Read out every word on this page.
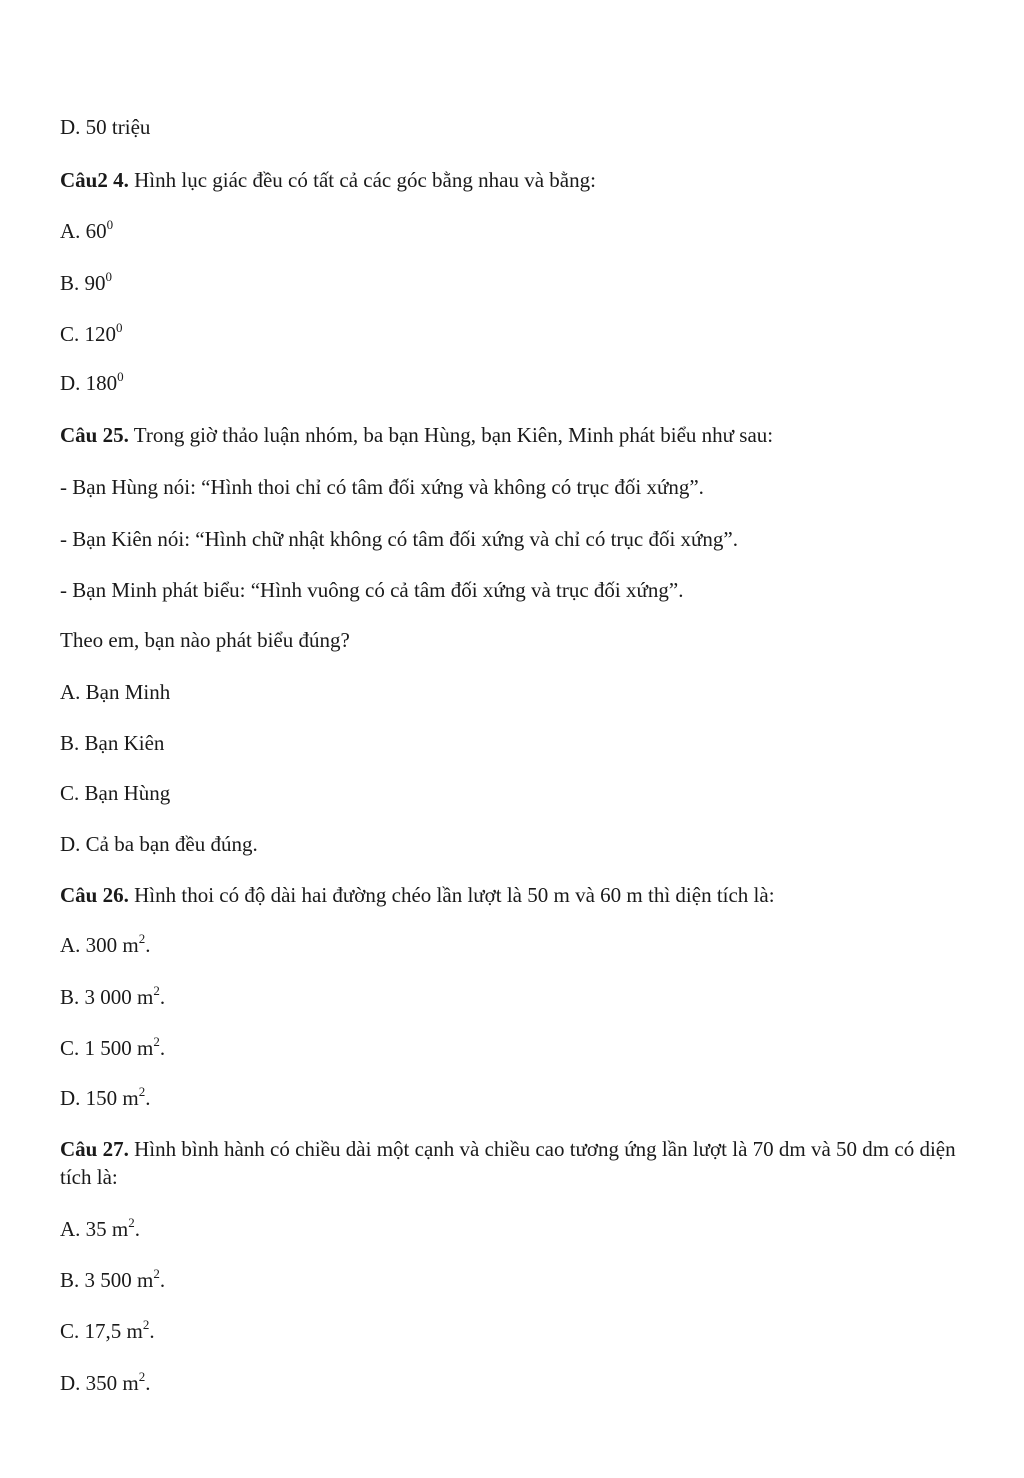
D. 50 triệu
Câu2 4. Hình lục giác đều có tất cả các góc bằng nhau và bằng:
A. $60^0$
B. $90^0$
C. $120^0$
D. $180^0$
Câu 25. Trong giờ thảo luận nhóm, ba bạn Hùng, bạn Kiên, Minh phát biểu như sau:
- Bạn Hùng nói: “Hình thoi chỉ có tâm đối xứng và không có trục đối xứng”.
- Bạn Kiên nói: “Hình chữ nhật không có tâm đối xứng và chỉ có trục đối xứng”.
- Bạn Minh phát biểu: “Hình vuông có cả tâm đối xứng và trục đối xứng”.
Theo em, bạn nào phát biểu đúng?
A. Bạn Minh
B. Bạn Kiên
C. Bạn Hùng
D. Cả ba bạn đều đúng.
Câu 26. Hình thoi có độ dài hai đường chéo lần lượt là 50 m và 60 m thì diện tích là:
A. 300 $m^2$.
B. 3 000 $m^2$.
C. 1 500 $m^2$.
D. 150 $m^2$.
Câu 27. Hình bình hành có chiều dài một cạnh và chiều cao tương ứng lần lượt là 70 dm và 50 dm có diện tích là:
A. 35 $m^2$.
B. 3 500 $m^2$.
C. 17,5 $m^2$.
D. 350 $m^2$.
